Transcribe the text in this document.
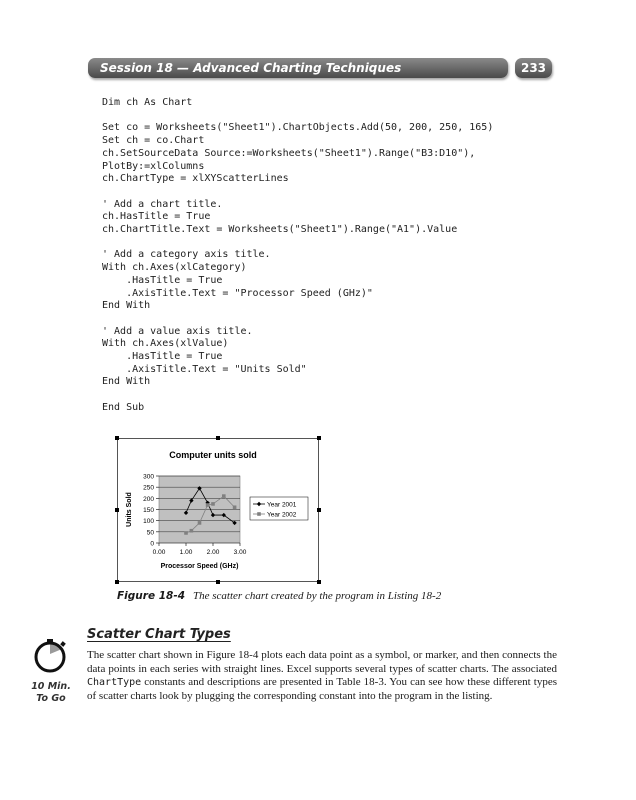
Session 18 — Advanced Charting Techniques	233
Dim ch As Chart

Set co = Worksheets("Sheet1").ChartObjects.Add(50, 200, 250, 165)
Set ch = co.Chart
ch.SetSourceData Source:=Worksheets("Sheet1").Range("B3:D10"),
PlotBy:=xlColumns
ch.ChartType = xlXYScatterLines

' Add a chart title.
ch.HasTitle = True
ch.ChartTitle.Text = Worksheets("Sheet1").Range("A1").Value

' Add a category axis title.
With ch.Axes(xlCategory)
.HasTitle = True
.AxisTitle.Text = "Processor Speed (GHz)"
End With

' Add a value axis title.
With ch.Axes(xlValue)
.HasTitle = True
.AxisTitle.Text = "Units Sold"
End With

End Sub

Computer units sold
0
50
100
150
200
250
300
0.00 1.00 2.00 3.00
Processor Speed (GHz)
Units Sold	Year 2001
Year 2002
Figure 18-4 The scatter chart created by the program in Listing 18-2
Scatter Chart Types
10 Min.
To Go

The scatter chart shown in Figure 18-4 plots each data point as a symbol, or marker, and then connects the data points in each series with straight lines. Excel supports several types of scatter charts. The associated ChartType constants and descriptions are presented in Table 18-3. You can see how these different types of scatter charts look by plugging the corresponding constant into the program in the listing.
